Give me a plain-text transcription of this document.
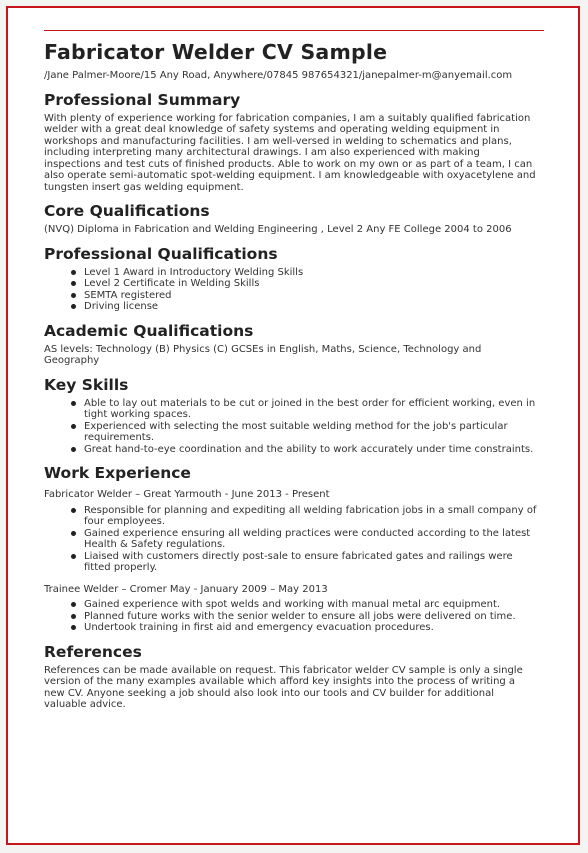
Fabricator Welder CV Sample
/Jane Palmer-Moore/15 Any Road, Anywhere/07845 987654321/janepalmer-m@anyemail.com
Professional Summary

With plenty of experience working for fabrication companies, I am a suitably qualified fabrication welder with a great deal knowledge of safety systems and operating welding equipment in workshops and manufacturing facilities. I am well-versed in welding to schematics and plans, including interpreting many architectural drawings. I am also experienced with making inspections and test cuts of finished products. Able to work on my own or as part of a team, I can also operate semi-automatic spot-welding equipment. I am knowledgeable with oxyacetylene and tungsten insert gas welding equipment.

Core Qualifications

(NVQ) Diploma in Fabrication and Welding Engineering , Level 2 Any FE College 2004 to 2006

Professional Qualifications
Level 1 Award in Introductory Welding Skills
Level 2 Certificate in Welding Skills
SEMTA registered
Driving license
Academic Qualifications

AS levels: Technology (B) Physics (C) GCSEs in English, Maths, Science, Technology and Geography

Key Skills
Able to lay out materials to be cut or joined in the best order for efficient working, even in tight working spaces.
Experienced with selecting the most suitable welding method for the job's particular requirements.
Great hand-to-eye coordination and the ability to work accurately under time constraints.
Work Experience

Fabricator Welder – Great Yarmouth - June 2013 - Present

Responsible for planning and expediting all welding fabrication jobs in a small company of four employees.
Gained experience ensuring all welding practices were conducted according to the latest Health & Safety regulations.
Liaised with customers directly post-sale to ensure fabricated gates and railings were fitted properly.

Trainee Welder – Cromer May - January 2009 – May 2013

Gained experience with spot welds and working with manual metal arc equipment.
Planned future works with the senior welder to ensure all jobs were delivered on time.
Undertook training in first aid and emergency evacuation procedures.
References

References can be made available on request. This fabricator welder CV sample is only a single version of the many examples available which afford key insights into the process of writing a new CV. Anyone seeking a job should also look into our tools and CV builder for additional valuable advice.
